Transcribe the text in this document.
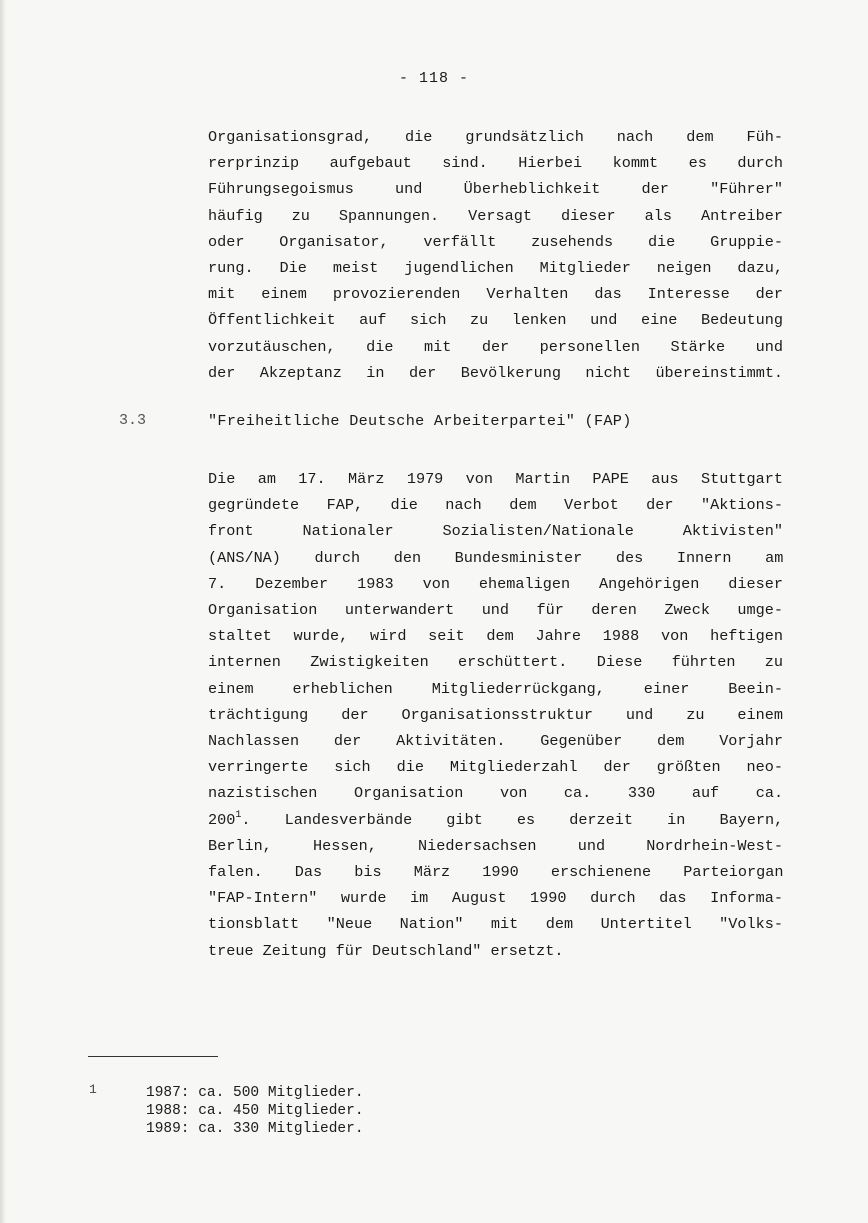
- 118 -
Organisationsgrad, die grundsätzlich nach dem Füh-
rerprinzip aufgebaut sind. Hierbei kommt es durch
Führungsegoismus und Überheblichkeit der "Führer"
häufig zu Spannungen. Versagt dieser als Antreiber
oder Organisator, verfällt zusehends die Gruppie-
rung. Die meist jugendlichen Mitglieder neigen dazu,
mit einem provozierenden Verhalten das Interesse der
Öffentlichkeit auf sich zu lenken und eine Bedeutung
vorzutäuschen, die mit der personellen Stärke und
der Akzeptanz in der Bevölkerung nicht übereinstimmt.
3.3	"Freiheitliche Deutsche Arbeiterpartei" (FAP)
Die am 17. März 1979 von Martin PAPE aus Stuttgart
gegründete FAP, die nach dem Verbot der "Aktions-
front Nationaler Sozialisten/Nationale Aktivisten"
(ANS/NA) durch den Bundesminister des Innern am
7. Dezember 1983 von ehemaligen Angehörigen dieser
Organisation unterwandert und für deren Zweck umge-
staltet wurde, wird seit dem Jahre 1988 von heftigen
internen Zwistigkeiten erschüttert. Diese führten zu
einem erheblichen Mitgliederrückgang, einer Beein-
trächtigung der Organisationsstruktur und zu einem
Nachlassen der Aktivitäten. Gegenüber dem Vorjahr
verringerte sich die Mitgliederzahl der größten neo-
nazistischen Organisation von ca. 330 auf ca.
$200^1$. Landesverbände gibt es derzeit in Bayern,
Berlin, Hessen, Niedersachsen und Nordrhein-West-
falen. Das bis März 1990 erschienene Parteiorgan
"FAP-Intern" wurde im August 1990 durch das Informa-
tionsblatt "Neue Nation" mit dem Untertitel "Volks-
treue Zeitung für Deutschland" ersetzt.
1	1987: ca. 500 Mitglieder.
1988: ca. 450 Mitglieder.
1989: ca. 330 Mitglieder.
